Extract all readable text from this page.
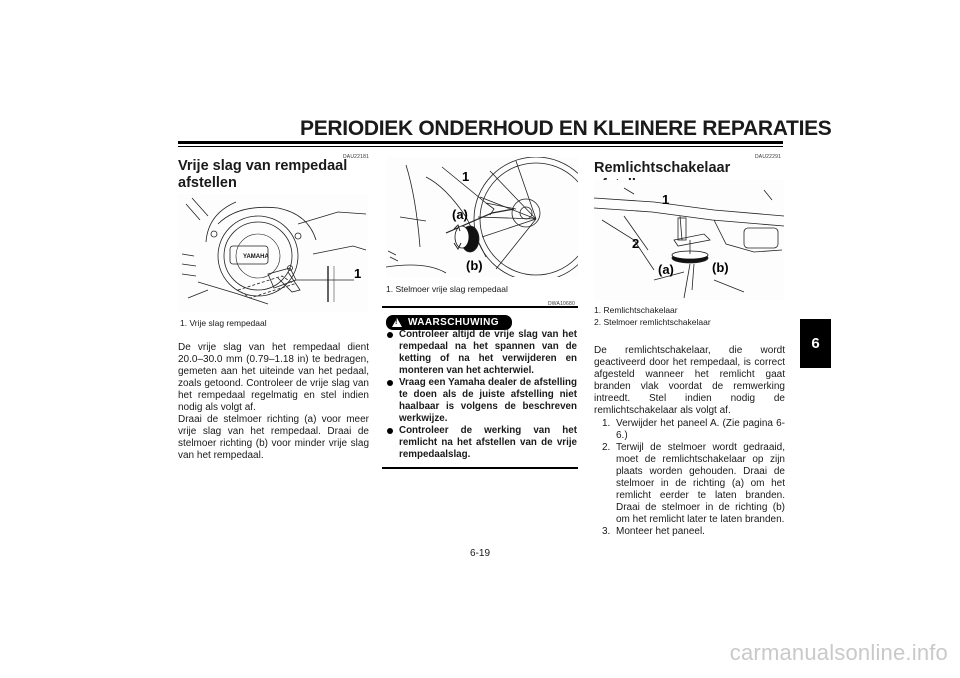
PERIODIEK ONDERHOUD EN KLEINERE REPARATIES
6
DAU22181
Vrije slag van rempedaal afstellen
YAMAHA
1
1. Vrije slag rempedaal

De vrije slag van het rempedaal dient 20.0–30.0 mm (0.79–1.18 in) te bedragen, gemeten aan het uiteinde van het pedaal, zoals getoond. Controleer de vrije slag van het rempedaal regelmatig en stel indien nodig als volgt af.

Draai de stelmoer richting (a) voor meer vrije slag van het rempedaal. Draai de stelmoer richting (b) voor minder vrije slag van het rempedaal.

1
(a)
(b)
1. Stelmoer vrije slag rempedaal
DWA10680
!
WAARSCHUWING
Controleer altijd de vrije slag van het rempedaal na het spannen van de ketting of na het verwijderen en monteren van het achterwiel.
Vraag een Yamaha dealer de afstelling te doen als de juiste afstelling niet haalbaar is volgens de beschreven werkwijze.
Controleer de werking van het remlicht na het afstellen van de vrije rempedaalslag.
DAU22291
Remlichtschakelaar
1
2
(a)	(b)
1. Remlichtschakelaar
2. Stelmoer remlichtschakelaar
De remlichtschakelaar, die wordt geactiveerd door het rempedaal, is correct afgesteld wanneer het remlicht gaat branden vlak voordat de remwerking intreedt. Stel indien nodig de remlichtschakelaar als volgt af.
1. Verwijder het paneel A. (Zie pagina 6-6.)
2. Terwijl de stelmoer wordt gedraaid, moet de remlichtschakelaar op zijn plaats worden gehouden. Draai de stelmoer in de richting (a) om het remlicht eerder te laten branden. Draai de stelmoer in de richting (b) om het remlicht later te laten branden.
3. Monteer het paneel.
6-19
carmanualsonline.info
